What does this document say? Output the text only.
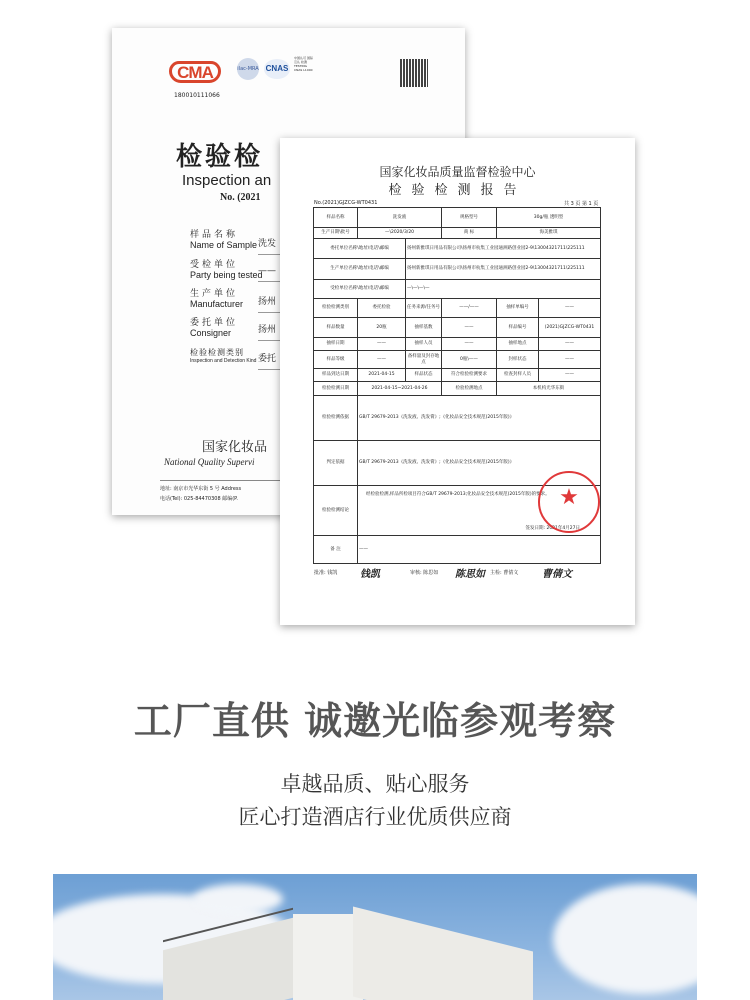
CMA
180010111066
ilac-MRA CNAS
中国认可 国际互认 检测 TESTING CNAS L1000
检验检
Inspection an
No. (2021
样品名称
Name of Sample 洗发
受检单位
Party being tested
——
生产单位
Manufacturer	扬州
委托单位
Consigner	扬州
检验检测类别
Inspection and Detection Kind 委托
国家化妆品
National Quality Supervi
地址: 南京市光华东街 5 号 Address
电话(Tel): 025-84470308 邮编(P.
国家化妆品质量监督检验中心
检验检测报告
No.(2021)GJZCG-WT0431	共 3 页 第 1 页
样品名称	洗发液		规格型号	30g/瓶 透明型	
生产日期\批号	—\2020/3/20		商 标	海美雅琪	
委托单位名称\地址\电话\邮编		扬州新雅琪日用品有限公司\扬州市杭集工业园通洲路创业园2-9\13004321711\225111			
生产单位名称\地址\电话\邮编		扬州新雅琪日用品有限公司\扬州市杭集工业园通洲路创业园2-9\13004321711\225111			
受检单位名称\地址\电话\邮编		—\—\—\—			
检验检测类别	委托检验	任务来源/任务号	——/——	抽样单编号	——
样品数量	20瓶	抽样基数	——	样品编号	(2021)GJZCG-WT0431
抽样日期	——	抽样人员	——	抽样地点	——
样品等级	——	备样量及封存地点	0瓶\——	封样状态	——
样品到达日期	2021-04-15	样品状态	符合检验检测要求	检查封样人员	——
检验检测日期	2021-04-15~2021-04-26		检验检测地点	本机构光华东街	
检验检测依据	GB/T 29679-2013《洗发液、洗发膏》;《化妆品安全技术规范(2015年版)》				
判定依据	GB/T 29679-2013《洗发液、洗发膏》;《化妆品安全技术规范(2015年版)》				
检验检测结论	经检验检测,样品所检项目符合GB/T 29679-2013;化妆品安全技术规范(2015年版)的要求。
签发日期: 2021年4月27日				

备 注	——				
★
批准: 钱凯 钱凯	审核: 陈思如 陈思如 主检: 曹倩文 曹倩文
工厂直供 诚邀光临参观考察
卓越品质、贴心服务
匠心打造酒店行业优质供应商
